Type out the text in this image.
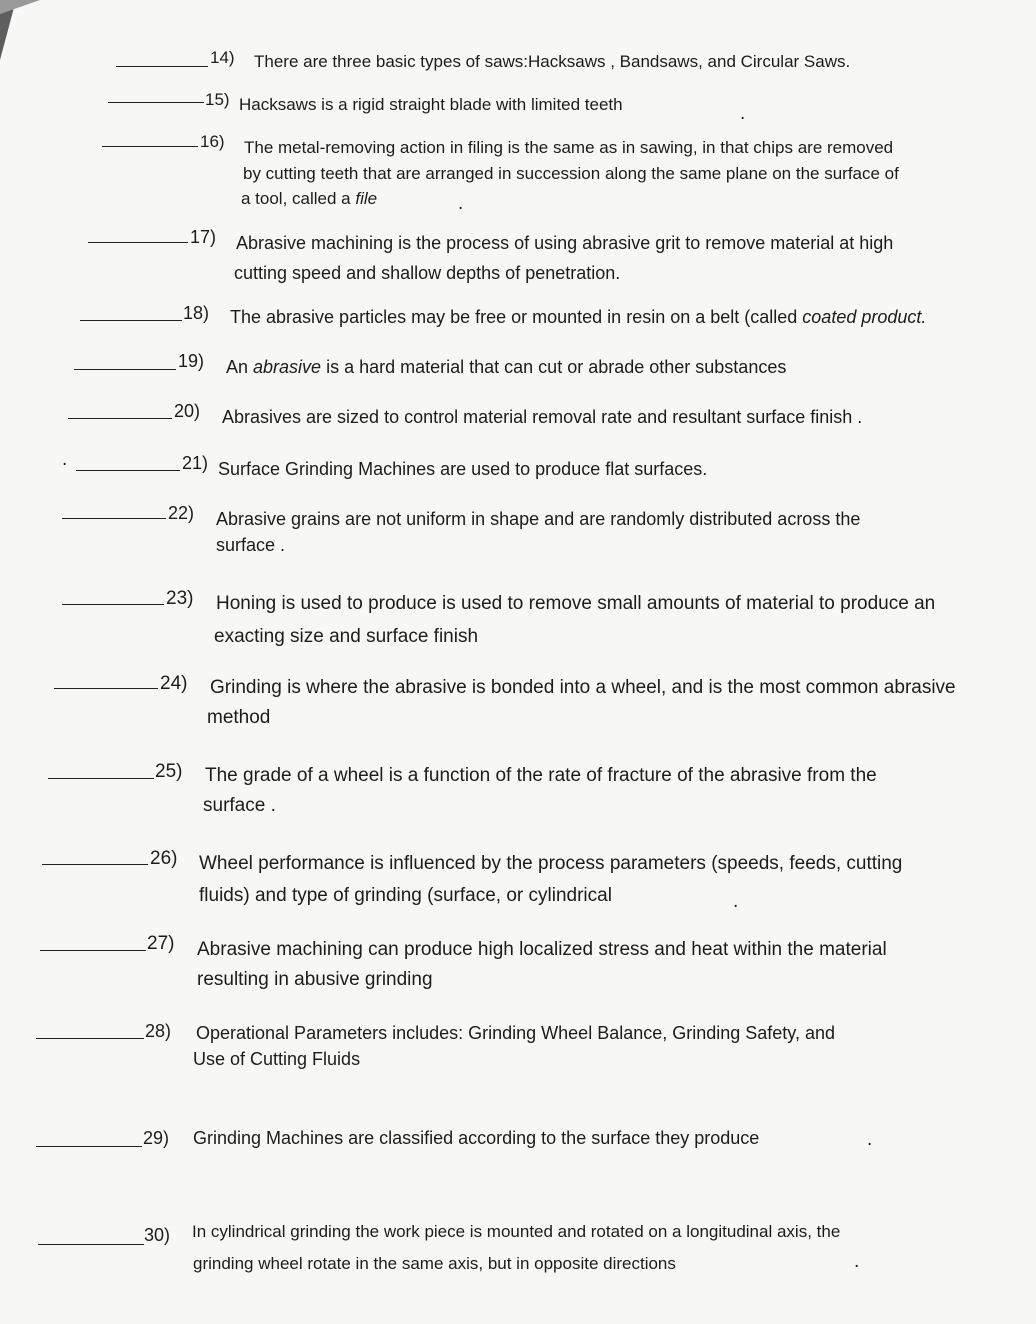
14) There are three basic types of saws:Hacksaws , Bandsaws, and Circular Saws.
15) Hacksaws is a rigid straight blade with limited teeth	.
16) The metal-removing action in filing is the same as in sawing, in that chips are removed
by cutting teeth that are arranged in succession along the same plane on the surface of
a tool, called a file	.
17) Abrasive machining is the process of using abrasive grit to remove material at high
cutting speed and shallow depths of penetration.
18) The abrasive particles may be free or mounted in resin on a belt (called coated product.
19) An abrasive is a hard material that can cut or abrade other substances
20) Abrasives are sized to control material removal rate and resultant surface finish .
.	21) Surface Grinding Machines are used to produce flat surfaces.
22) Abrasive grains are not uniform in shape and are randomly distributed across the
surface .
23) Honing is used to produce is used to remove small amounts of material to produce an
exacting size and surface finish
24) Grinding is where the abrasive is bonded into a wheel, and is the most common abrasive
method
25) The grade of a wheel is a function of the rate of fracture of the abrasive from the
surface .
26) Wheel performance is influenced by the process parameters (speeds, feeds, cutting
fluids) and type of grinding (surface, or cylindrical	.
27) Abrasive machining can produce high localized stress and heat within the material
resulting in abusive grinding
28) Operational Parameters includes: Grinding Wheel Balance, Grinding Safety, and
Use of Cutting Fluids
29) Grinding Machines are classified according to the surface they produce	.
30) In cylindrical grinding the work piece is mounted and rotated on a longitudinal axis, the
grinding wheel rotate in the same axis, but in opposite directions	.
